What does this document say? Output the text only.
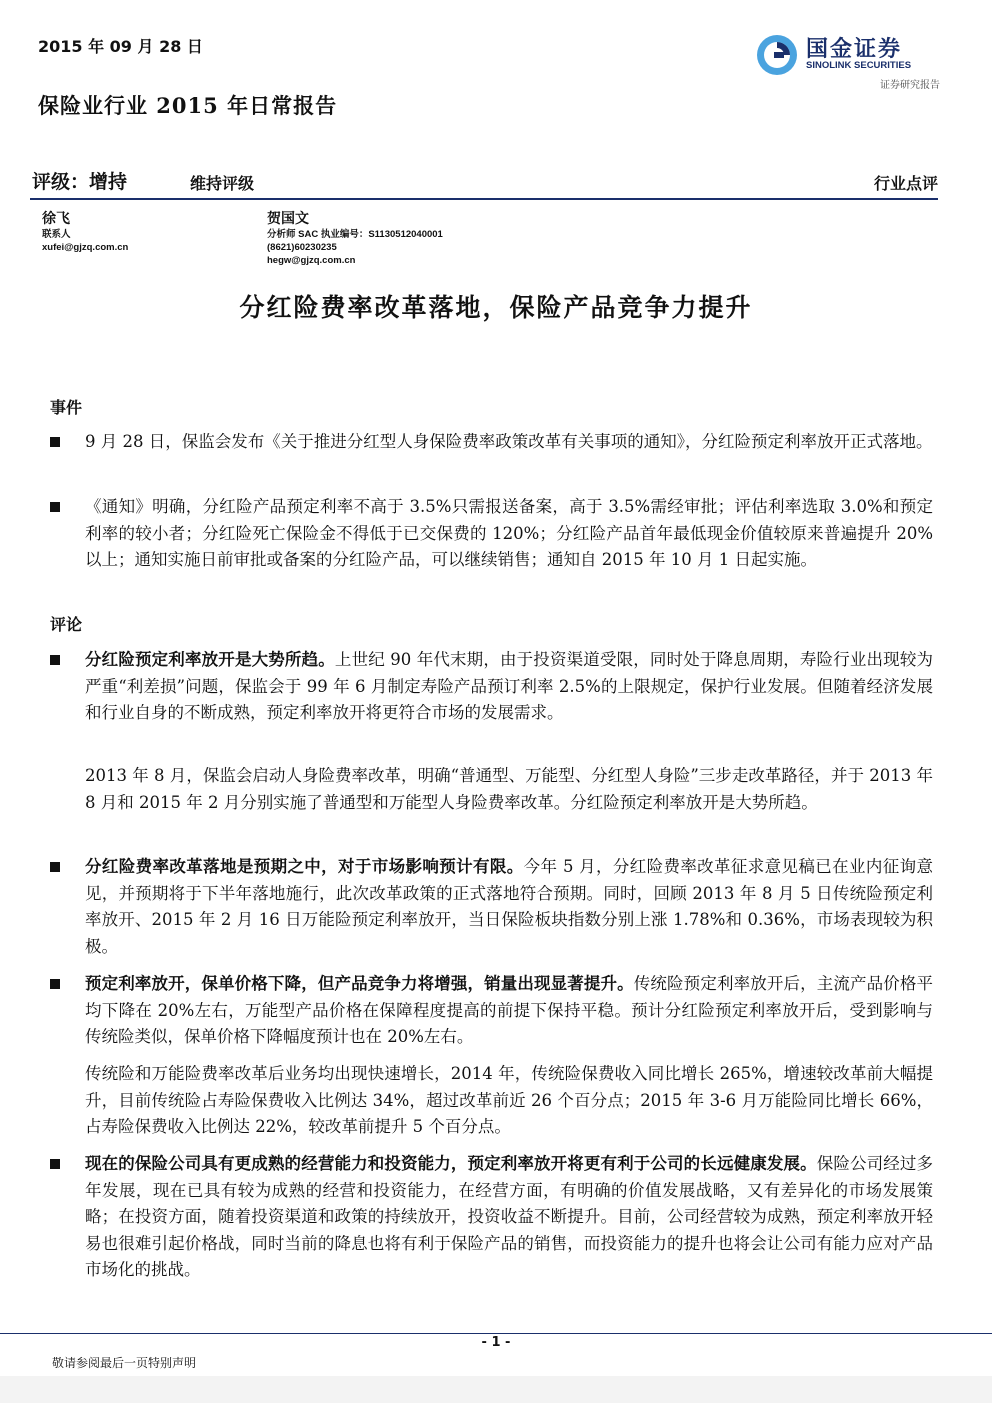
2015 年 09 月 28 日
保险业行业 2015 年日常报告
国金证券
SINOLINK SECURITIES
证券研究报告
评级：增持	维持评级	行业点评
徐飞
联系人
xufei@gjzq.com.cn
贺国文
分析师 SAC 执业编号：S1130512040001
(8621)60230235
hegw@gjzq.com.cn
分红险费率改革落地，保险产品竞争力提升
事件
9 月 28 日，保监会发布《关于推进分红型人身保险费率政策改革有关事项的通知》，分红险预定利率放开正式落地。
《通知》明确，分红险产品预定利率不高于 3.5%只需报送备案，高于 3.5%需经审批；评估利率选取 3.0%和预定利率的较小者；分红险死亡保险金不得低于已交保费的 120%；分红险产品首年最低现金价值较原来普遍提升 20%以上；通知实施日前审批或备案的分红险产品，可以继续销售；通知自 2015 年 10 月 1 日起实施。
评论
分红险预定利率放开是大势所趋。上世纪 90 年代末期，由于投资渠道受限，同时处于降息周期，寿险行业出现较为严重“利差损”问题，保监会于 99 年 6 月制定寿险产品预订利率 2.5%的上限规定，保护行业发展。但随着经济发展和行业自身的不断成熟，预定利率放开将更符合市场的发展需求。
2013 年 8 月，保监会启动人身险费率改革，明确“普通型、万能型、分红型人身险”三步走改革路径，并于 2013 年 8 月和 2015 年 2 月分别实施了普通型和万能型人身险费率改革。分红险预定利率放开是大势所趋。
分红险费率改革落地是预期之中，对于市场影响预计有限。今年 5 月，分红险费率改革征求意见稿已在业内征询意见，并预期将于下半年落地施行，此次改革政策的正式落地符合预期。同时，回顾 2013 年 8 月 5 日传统险预定利率放开、2015 年 2 月 16 日万能险预定利率放开，当日保险板块指数分别上涨 1.78%和 0.36%，市场表现较为积极。
预定利率放开，保单价格下降，但产品竞争力将增强，销量出现显著提升。传统险预定利率放开后，主流产品价格平均下降在 20%左右，万能型产品价格在保障程度提高的前提下保持平稳。预计分红险预定利率放开后，受到影响与传统险类似，保单价格下降幅度预计也在 20%左右。
传统险和万能险费率改革后业务均出现快速增长，2014 年，传统险保费收入同比增长 265%，增速较改革前大幅提升，目前传统险占寿险保费收入比例达 34%，超过改革前近 26 个百分点；2015 年 3-6 月万能险同比增长 66%，占寿险保费收入比例达 22%，较改革前提升 5 个百分点。
现在的保险公司具有更成熟的经营能力和投资能力，预定利率放开将更有利于公司的长远健康发展。保险公司经过多年发展，现在已具有较为成熟的经营和投资能力，在经营方面，有明确的价值发展战略，又有差异化的市场发展策略；在投资方面，随着投资渠道和政策的持续放开，投资收益不断提升。目前，公司经营较为成熟，预定利率放开轻易也很难引起价格战，同时当前的降息也将有利于保险产品的销售，而投资能力的提升也将会让公司有能力应对产品市场化的挑战。
- 1 -
敬请参阅最后一页特别声明
